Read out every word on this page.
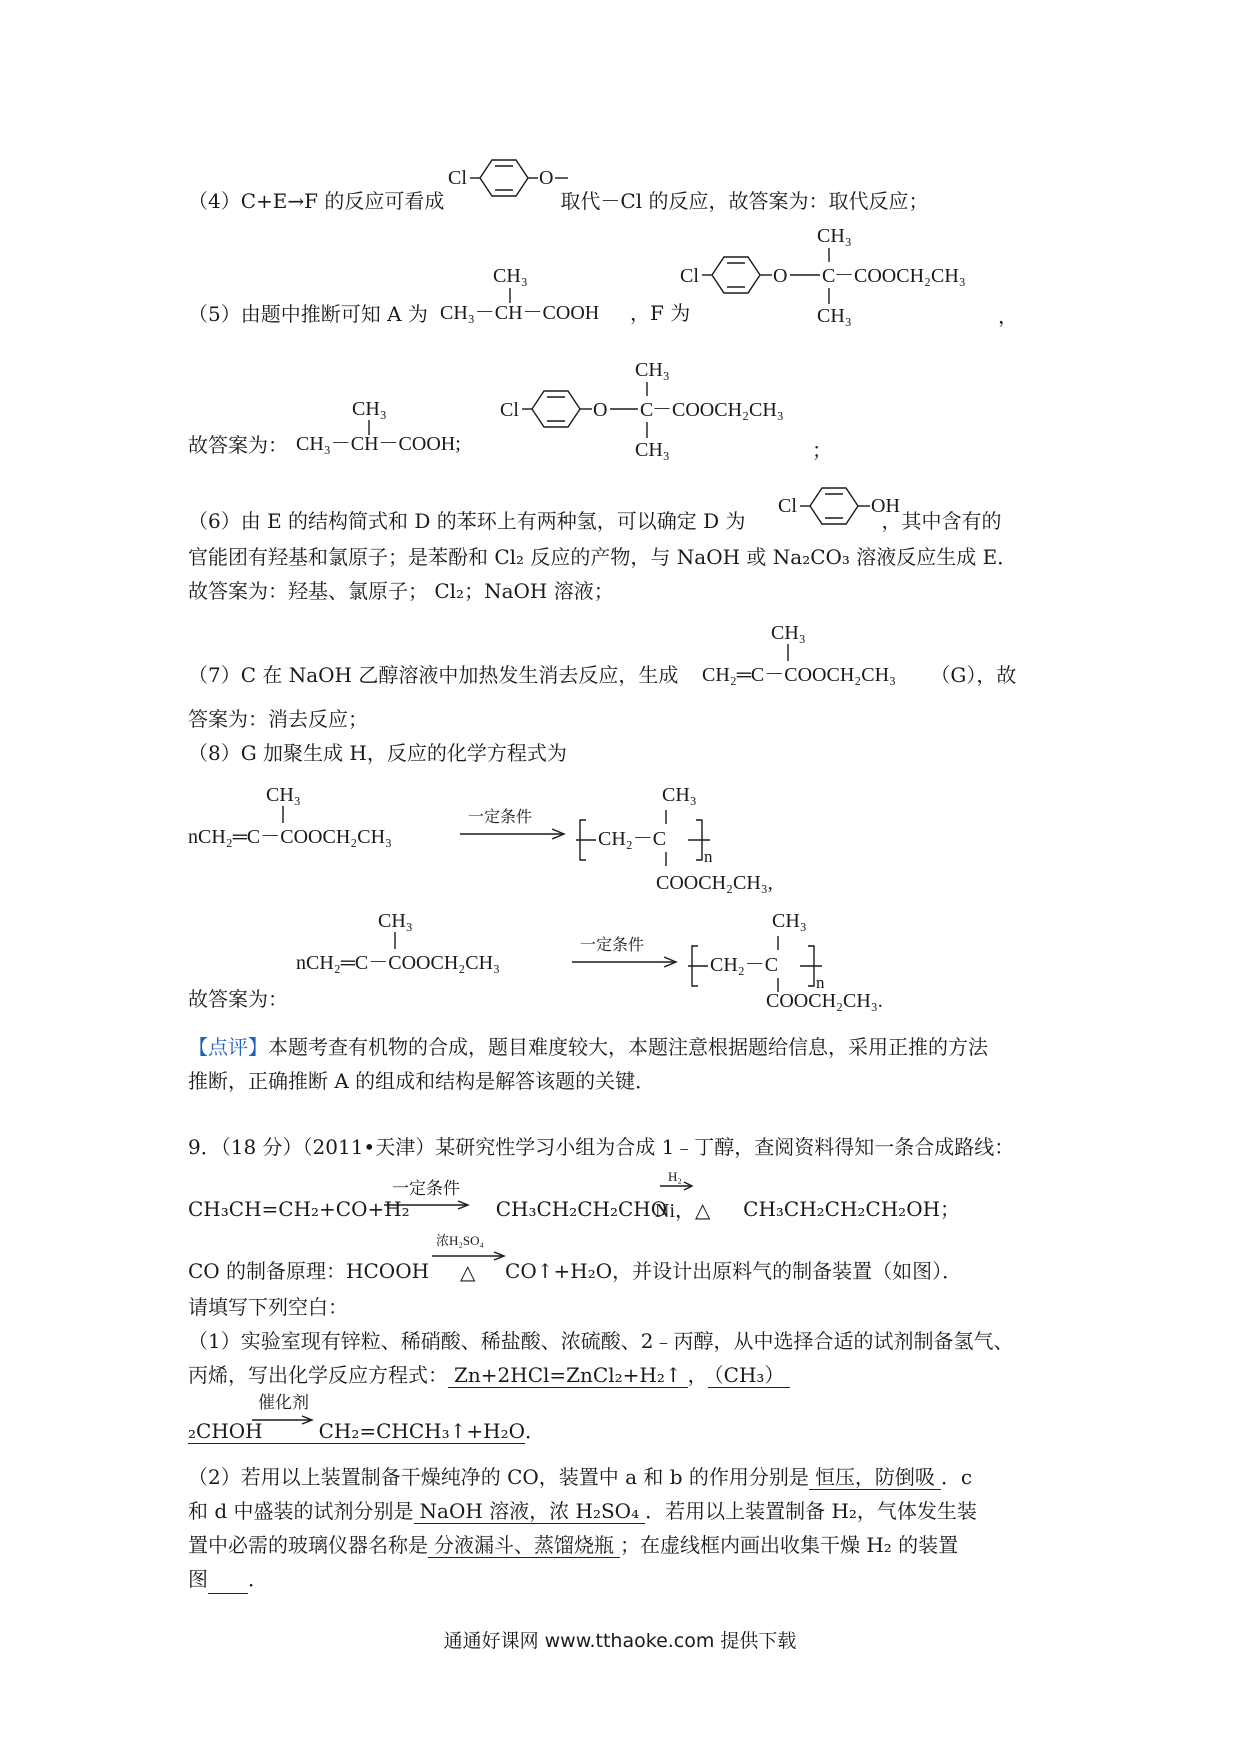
（4）C+E→F 的反应可看成	取代－Cl 的反应，故答案为：取代反应；
Cl	O
（5）由题中推断可知 A 为
CH₃
CH₃－CH－COOH ，F 为
CH₃
Cl	O C
－COOCH₂CH₃
CH₃	，
故答案为：
CH₃
CH₃－CH－COOH;
CH₃
Cl	O C
－COOCH₂CH₃
CH₃	；
（6）由 E 的结构简式和 D 的苯环上有两种氢，可以确定 D 为	，其中含有的
Cl	OH
官能团有羟基和氯原子；是苯酚和 Cl₂ 反应的产物，与 NaOH 或 Na₂CO₃ 溶液反应生成 E．
故答案为：羟基、氯原子； Cl₂；NaOH 溶液；
（7）C 在 NaOH 乙醇溶液中加热发生消去反应，生成	（G），故
CH₃
CH₂═C－COOCH₂CH₃
答案为：消去反应；
（8）G 加聚生成 H，反应的化学方程式为
CH₃
nCH₂═C－COOCH₂CH₃
一定条件
CH₃
CH₂－C
n
COOCH₂CH₃,
故答案为：
CH₃
nCH₂═C－COOCH₂CH₃
一定条件
CH₃
CH₂－C
n
COOCH₂CH₃.
【点评】本题考查有机物的合成，题目难度较大，本题注意根据题给信息，采用正推的方法
推断，正确推断 A 的组成和结构是解答该题的关键．
9．（18 分）（2011•天津）某研究性学习小组为合成 1﹣丁醇，查阅资料得知一条合成路线：
CH₃CH=CH₂+CO+H₂	CH₃CH₂CH₂CHO	CH₃CH₂CH₂CH₂OH；
一定条件
H₂
Ni，△
CO 的制备原理：HCOOH	CO↑+H₂O，并设计出原料气的制备装置（如图）．
浓H₂SO₄
△
请填写下列空白：
（1）实验室现有锌粒、稀硝酸、稀盐酸、浓硫酸、2﹣丙醇，从中选择合适的试剂制备氢气、
丙烯，写出化学反应方程式： Zn+2HCl=ZnCl₂+H₂↑ ， （CH₃）
₂CHOH	CH₂=CHCH₃↑+H₂O．
催化剂
（2）若用以上装置制备干燥纯净的 CO，装置中 a 和 b 的作用分别是 恒压，防倒吸 ．c
和 d 中盛装的试剂分别是 NaOH 溶液，浓 H₂SO₄ ．若用以上装置制备 H₂，气体发生装
置中必需的玻璃仪器名称是 分液漏斗、蒸馏烧瓶 ；在虚线框内画出收集干燥 H₂ 的装置
图 ．
通通好课网 www.tthaoke.com 提供下载
